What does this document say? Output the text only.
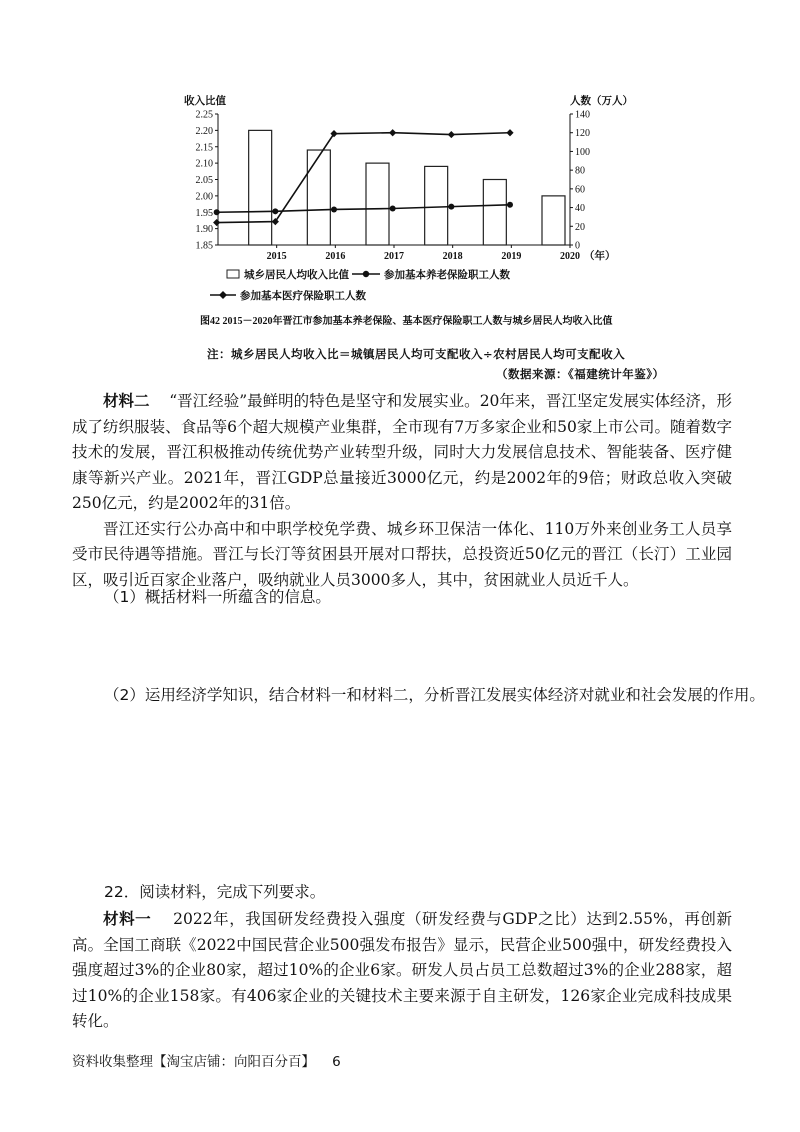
收入比值	人数（万人）
2.25
2.20
2.15
2.10
2.05
2.00
1.95
1.90
1.85
140
120
100
80
60
40
20
0
2015	2016	2017	2018	2019	2020 （年）
城乡居民人均收入比值	参加基本养老保险职工人数
参加基本医疗保险职工人数
图42 2015－2020年晋江市参加基本养老保险、基本医疗保险职工人数与城乡居民人均收入比值
注：城乡居民人均收入比＝城镇居民人均可支配收入÷农村居民人均可支配收入
（数据来源：《福建统计年鉴》）

材料二 “晋江经验”最鲜明的特色是坚守和发展实业。20年来，晋江坚定发展实体经济，形成了纺织服装、食品等6个超大规模产业集群，全市现有7万多家企业和50家上市公司。随着数字技术的发展，晋江积极推动传统优势产业转型升级，同时大力发展信息技术、智能装备、医疗健康等新兴产业。2021年，晋江GDP总量接近3000亿元，约是2002年的9倍；财政总收入突破250亿元，约是2002年的31倍。

晋江还实行公办高中和中职学校免学费、城乡环卫保洁一体化、110万外来创业务工人员享受市民待遇等措施。晋江与长汀等贫困县开展对口帮扶，总投资近50亿元的晋江（长汀）工业园区，吸引近百家企业落户，吸纳就业人员3000多人，其中，贫困就业人员近千人。

（1）概括材料一所蕴含的信息。
（2）运用经济学知识，结合材料一和材料二，分析晋江发展实体经济对就业和社会发展的作用。
22．阅读材料，完成下列要求。

材料一 2022年，我国研发经费投入强度（研发经费与GDP之比）达到2.55%，再创新高。全国工商联《2022中国民营企业500强发布报告》显示，民营企业500强中，研发经费投入强度超过3%的企业80家，超过10%的企业6家。研发人员占员工总数超过3%的企业288家，超过10%的企业158家。有406家企业的关键技术主要来源于自主研发，126家企业完成科技成果转化。

资料收集整理【淘宝店铺：向阳百分百】 6
